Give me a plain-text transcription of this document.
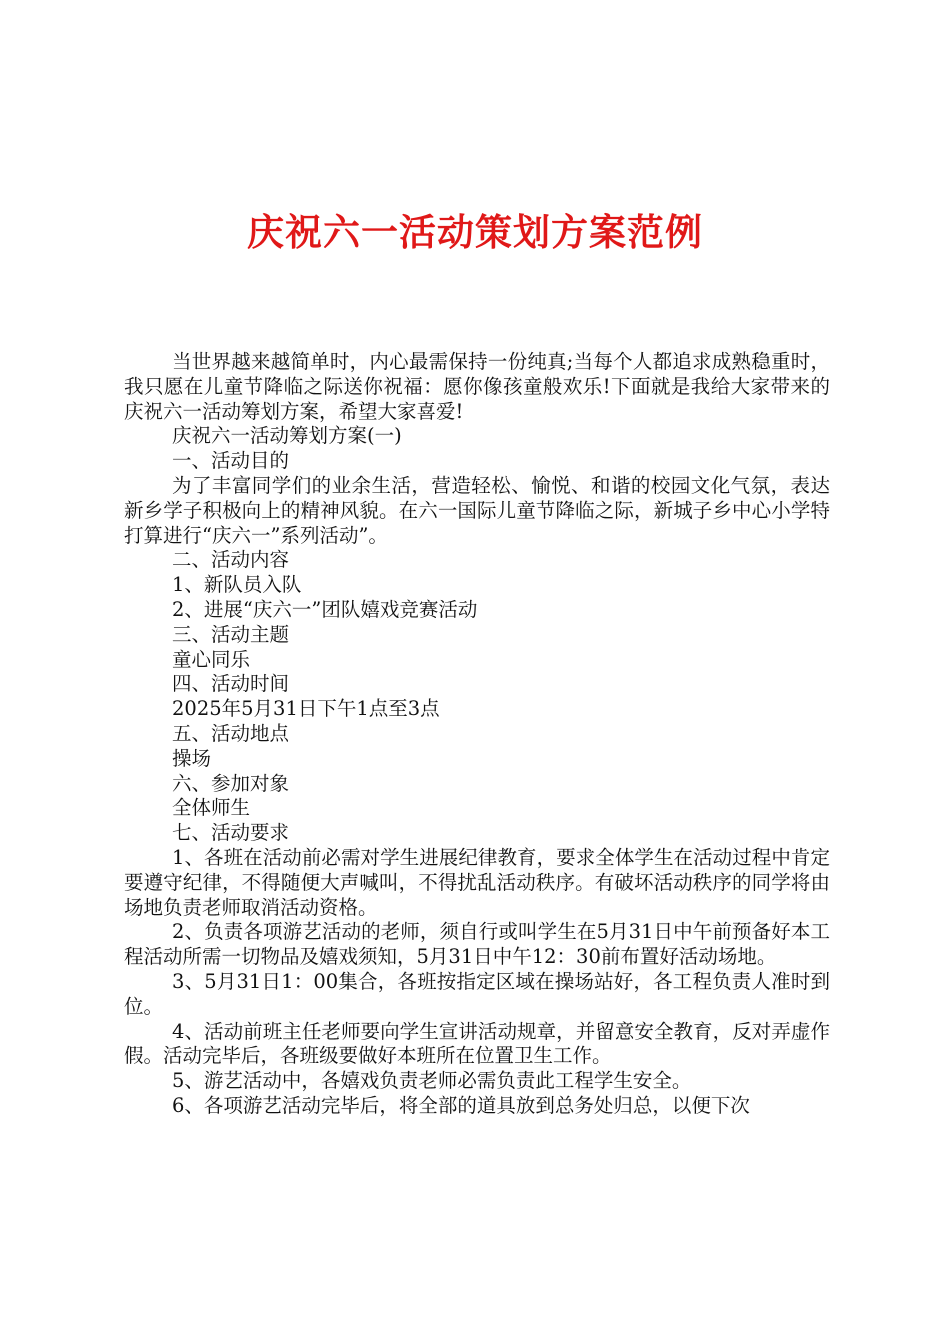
庆祝六一活动策划方案范例

当世界越来越简单时，内心最需保持一份纯真;当每个人都追求成熟稳重时，我只愿在儿童节降临之际送你祝福：愿你像孩童般欢乐!下面就是我给大家带来的庆祝六一活动筹划方案，希望大家喜爱!

庆祝六一活动筹划方案(一)

一、活动目的

为了丰富同学们的业余生活，营造轻松、愉悦、和谐的校园文化气氛，表达新乡学子积极向上的精神风貌。在六一国际儿童节降临之际，新城子乡中心小学特打算进行“庆六一”系列活动”。

二、活动内容

1、新队员入队

2、进展“庆六一”团队嬉戏竞赛活动

三、活动主题

童心同乐

四、活动时间

2025年5月31日下午1点至3点

五、活动地点

操场

六、参加对象

全体师生

七、活动要求

1、各班在活动前必需对学生进展纪律教育，要求全体学生在活动过程中肯定要遵守纪律，不得随便大声喊叫，不得扰乱活动秩序。有破坏活动秩序的同学将由场地负责老师取消活动资格。

2、负责各项游艺活动的老师，须自行或叫学生在5月31日中午前预备好本工程活动所需一切物品及嬉戏须知，5月31日中午12：30前布置好活动场地。

3、5月31日1：00集合，各班按指定区域在操场站好，各工程负责人准时到位。

4、活动前班主任老师要向学生宣讲活动规章，并留意安全教育，反对弄虚作假。活动完毕后，各班级要做好本班所在位置卫生工作。

5、游艺活动中，各嬉戏负责老师必需负责此工程学生安全。

6、各项游艺活动完毕后，将全部的道具放到总务处归总，以便下次
